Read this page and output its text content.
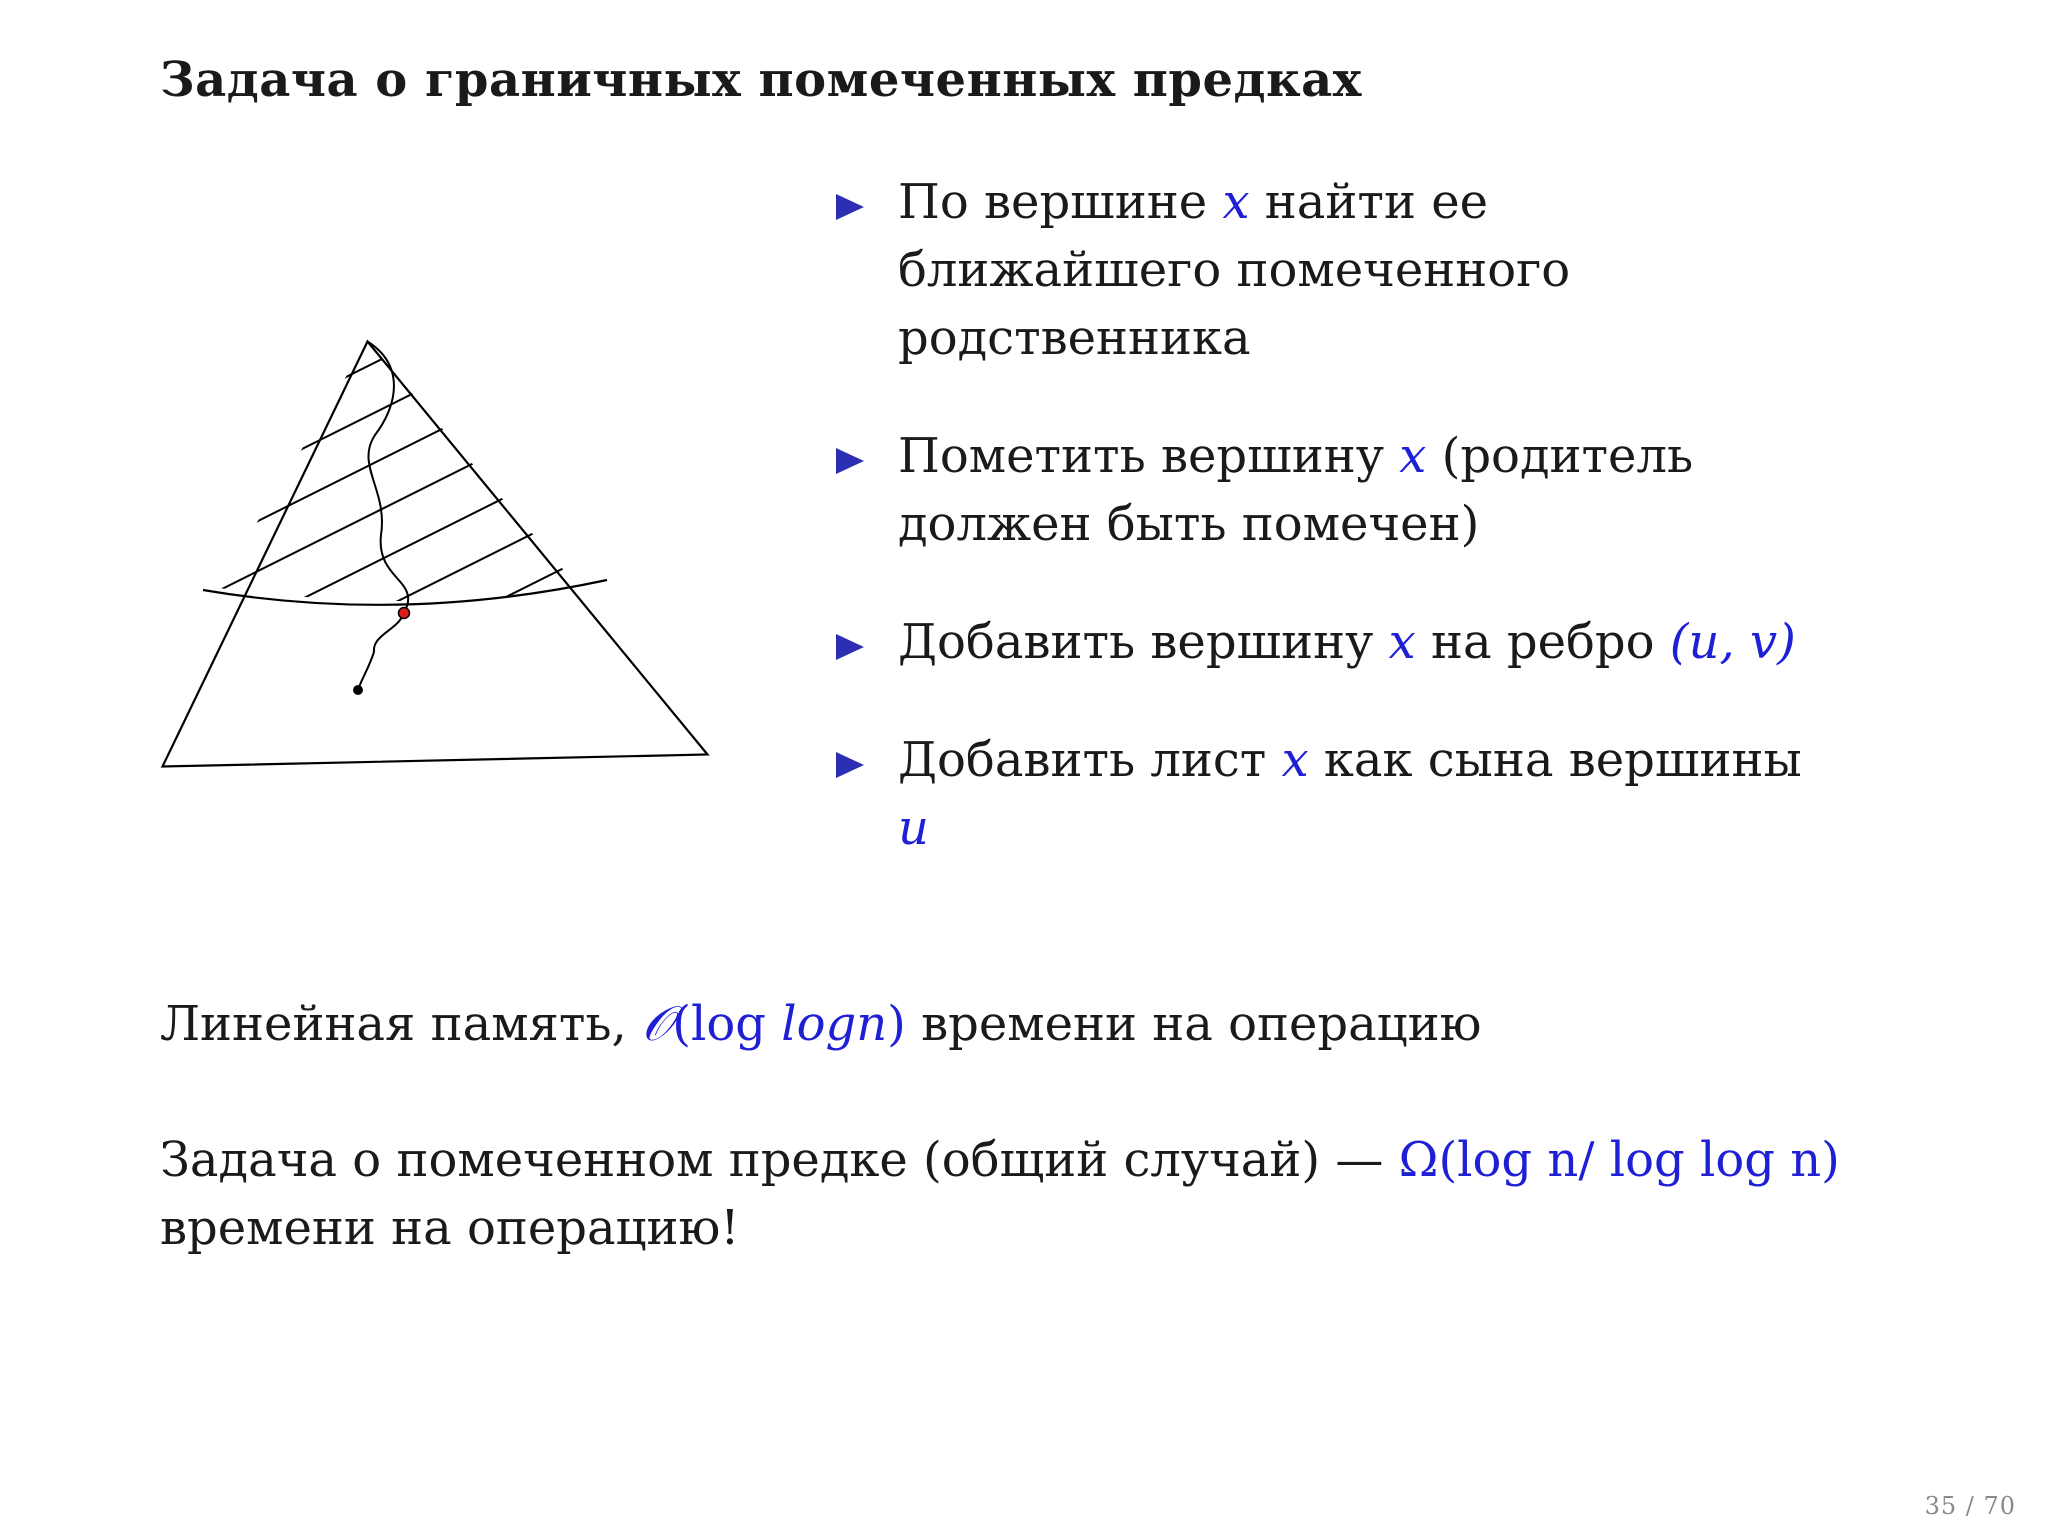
Задача о граничных помеченных предках
По вершине x найти ее ближайшего помеченного родственника
Пометить вершину x (родитель должен быть помечен)
Добавить вершину x на ребро (u, v)
Добавить лист x как сына вершины u

Линейная память, 𝒪(log logn) времени на операцию

Задача о помеченном предке (общий случай) — Ω(log n/ log log n) времени на операцию!

35 / 70
